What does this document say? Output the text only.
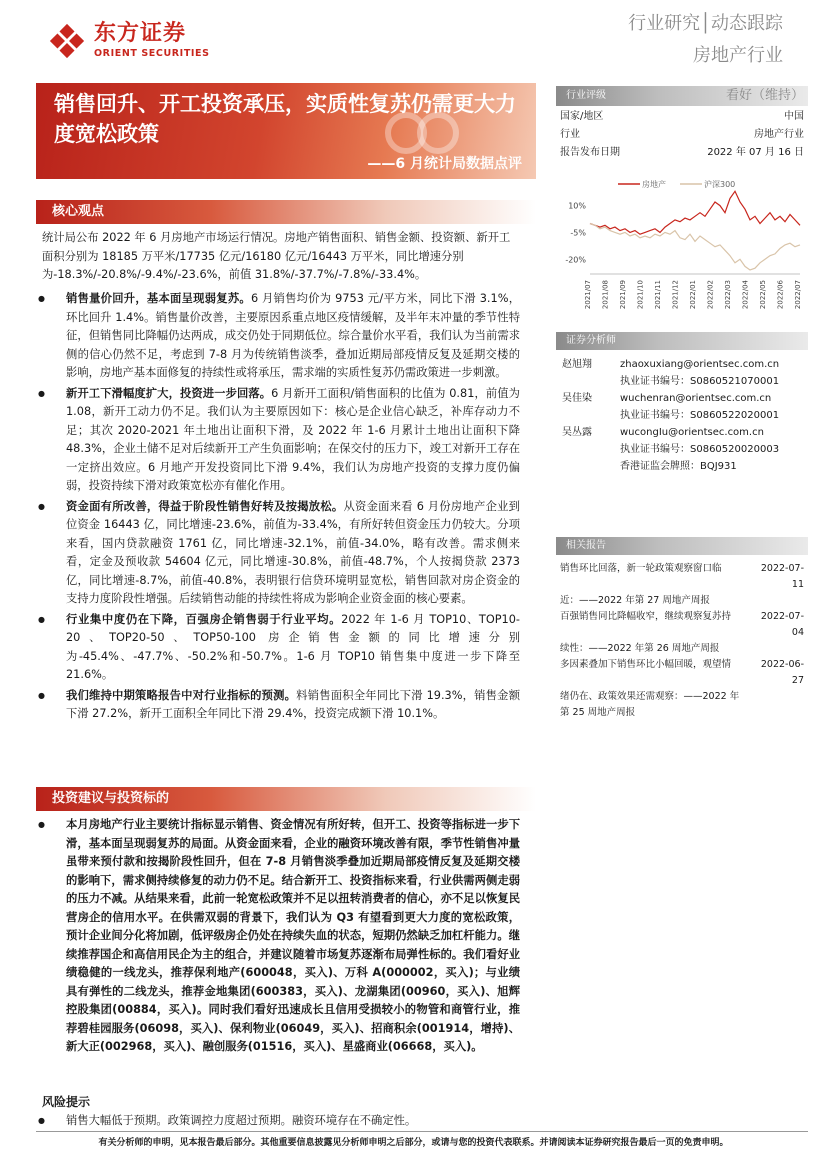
东方证券
ORIENT SECURITIES
行业研究│动态跟踪
房地产行业
销售回升、开工投资承压，实质性复苏仍需更大力度宽松政策
——6 月统计局数据点评
行业评级	看好（维持）
国家/地区	中国
行业	房地产行业
报告发布日期	2022 年 07 月 16 日
房地产	沪深300
10%
-5%
-20%
2021/07 2021/08 2021/09 2021/10 2021/11 2021/12 2022/01 2022/02 2022/03 2022/04 2022/05 2022/06 2022/07
证券分析师
赵旭翔	zhaoxuxiang@orientsec.com.cn
执业证书编号：S0860521070001
吴佳染	wuchenran@orientsec.com.cn
执业证书编号：S0860522020001
吴丛露	wucongIu@orientsec.com.cn
执业证书编号：S0860520020003
香港证监会牌照：BQJ931
相关报告
销售环比回落，新一轮政策观察窗口临	2022-07-11
近：——2022 年第 27 周地产周报
百强销售同比降幅收窄，继续观察复苏持	2022-07-04
续性：——2022 年第 26 周地产周报
多因素叠加下销售环比小幅回暖，观望情	2022-06-27
绪仍在、政策效果还需观察：——2022 年
第 25 周地产周报
核心观点
统计局公布 2022 年 6 月房地产市场运行情况。房地产销售面积、销售金额、投资额、新开工面积分别为 18185 万平米/17735 亿元/16180 亿元/16443 万平米，同比增速分别为-18.3%/-20.8%/-9.4%/-23.6%，前值 31.8%/-37.7%/-7.8%/-33.4%。
● 销售量价回升，基本面呈现弱复苏。6 月销售均价为 9753 元/平方米，同比下滑 3.1%，环比回升 1.4%。销售量价改善，主要原因系重点地区疫情缓解，及半年末冲量的季节性特征，但销售同比降幅仍达两成，成交仍处于同期低位。综合量价水平看，我们认为当前需求侧的信心仍然不足，考虑到 7-8 月为传统销售淡季，叠加近期局部疫情反复及延期交楼的影响，房地产基本面修复的持续性或将承压，需求端的实质性复苏仍需政策进一步刺激。
● 新开工下滑幅度扩大，投资进一步回落。6 月新开工面积/销售面积的比值为 0.81，前值为 1.08，新开工动力仍不足。我们认为主要原因如下：核心是企业信心缺乏，补库存动力不足；其次 2020-2021 年土地出让面积下滑，及 2022 年 1-6 月累计土地出让面积下降 48.3%，企业土储不足对后续新开工产生负面影响；在保交付的压力下，竣工对新开工存在一定挤出效应。6 月地产开发投资同比下滑 9.4%，我们认为房地产投资的支撑力度仍偏弱，投资持续下滑对政策宽松亦有催化作用。
● 资金面有所改善，得益于阶段性销售好转及按揭放松。从资金面来看 6 月份房地产企业到位资金 16443 亿，同比增速-23.6%，前值为-33.4%，有所好转但资金压力仍较大。分项来看，国内贷款融资 1761 亿，同比增速-32.1%，前值-34.0%，略有改善。需求侧来看，定金及预收款 54604 亿元，同比增速-30.8%，前值-48.7%，个人按揭贷款 2373 亿，同比增速-8.7%，前值-40.8%，表明银行信贷环境明显宽松，销售回款对房企资金的支持力度阶段性增强。后续销售动能的持续性将成为影响企业资金面的核心要素。
● 行业集中度仍在下降，百强房企销售弱于行业平均。2022 年 1-6 月 TOP10、TOP10-20、TOP20-50、TOP50-100 房企销售金额的同比增速分别为-45.4%、-47.7%、-50.2%和-50.7%。1-6 月 TOP10 销售集中度进一步下降至 21.6%。
● 我们维持中期策略报告中对行业指标的预测。料销售面积全年同比下滑 19.3%，销售金额下滑 27.2%，新开工面积全年同比下滑 29.4%，投资完成额下滑 10.1%。
投资建议与投资标的
● 本月房地产行业主要统计指标显示销售、资金情况有所好转，但开工、投资等指标进一步下滑，基本面呈现弱复苏的局面。从资金面来看，企业的融资环境改善有限，季节性销售冲量虽带来预付款和按揭阶段性回升，但在 7-8 月销售淡季叠加近期局部疫情反复及延期交楼的影响下，需求侧持续修复的动力仍不足。结合新开工、投资指标来看，行业供需两侧走弱的压力不减。从结果来看，此前一轮宽松政策并不足以扭转消费者的信心，亦不足以恢复民营房企的信用水平。在供需双弱的背景下，我们认为 Q3 有望看到更大力度的宽松政策，预计企业间分化将加剧，低评级房企仍处在持续失血的状态，短期仍然缺乏加杠杆能力。继续推荐国企和高信用民企为主的组合，并建议随着市场复苏逐渐布局弹性标的。我们看好业绩稳健的一线龙头，推荐保利地产(600048，买入)、万科 A(000002，买入)；与业绩具有弹性的二线龙头，推荐金地集团(600383，买入)、龙湖集团(00960，买入)、旭辉控股集团(00884，买入)。同时我们看好迅速成长且信用受损较小的物管和商管行业，推荐碧桂园服务(06098，买入)、保利物业(06049，买入)、招商积余(001914，增持)、新大正(002968，买入)、融创服务(01516，买入)、星盛商业(06668，买入)。
风险提示
● 销售大幅低于预期。政策调控力度超过预期。融资环境存在不确定性。
有关分析师的申明，见本报告最后部分。其他重要信息披露见分析师申明之后部分，或请与您的投资代表联系。并请阅读本证券研究报告最后一页的免责申明。
